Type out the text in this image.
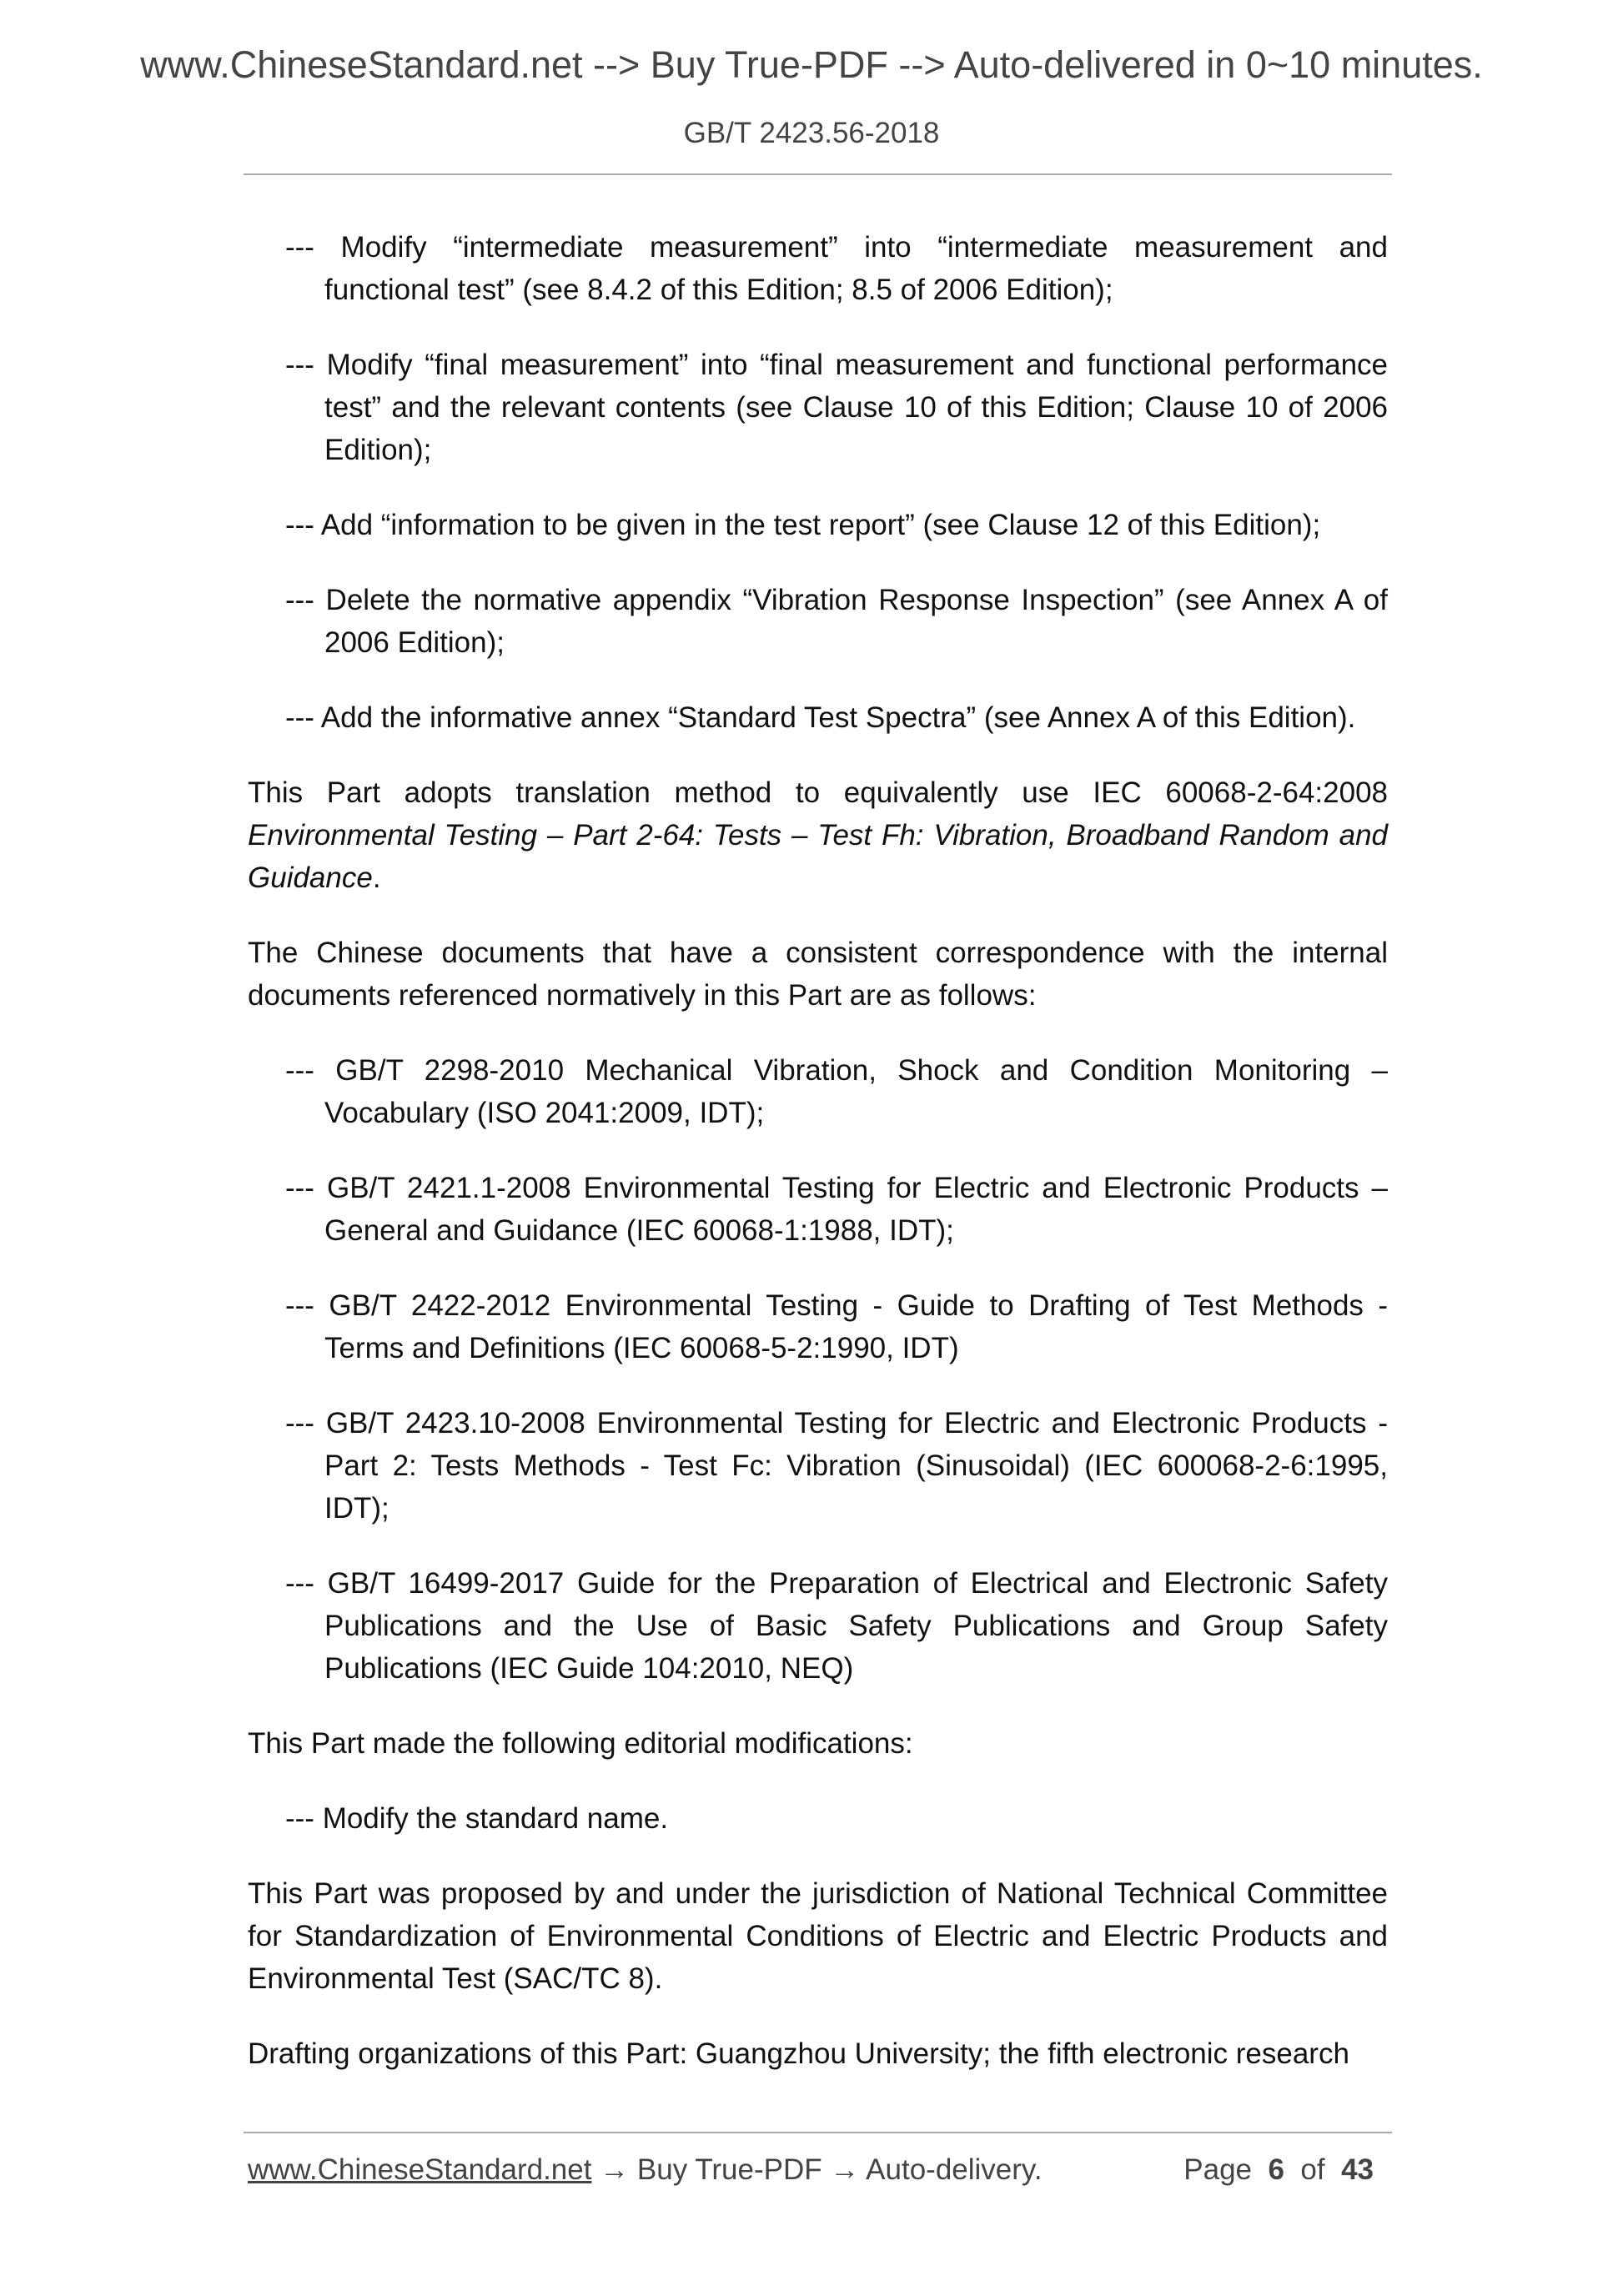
www.ChineseStandard.net --> Buy True-PDF --> Auto-delivered in 0~10 minutes.
GB/T 2423.56-2018
--- Modify “intermediate measurement” into “intermediate measurement and functional test” (see 8.4.2 of this Edition; 8.5 of 2006 Edition);
--- Modify “final measurement” into “final measurement and functional performance test” and the relevant contents (see Clause 10 of this Edition; Clause 10 of 2006 Edition);
--- Add “information to be given in the test report” (see Clause 12 of this Edition);
--- Delete the normative appendix “Vibration Response Inspection” (see Annex A of 2006 Edition);
--- Add the informative annex “Standard Test Spectra” (see Annex A of this Edition).
This Part adopts translation method to equivalently use IEC 60068-2-64:2008 Environmental Testing – Part 2-64: Tests – Test Fh: Vibration, Broadband Random and Guidance.
The Chinese documents that have a consistent correspondence with the internal documents referenced normatively in this Part are as follows:
--- GB/T 2298-2010 Mechanical Vibration, Shock and Condition Monitoring – Vocabulary (ISO 2041:2009, IDT);
--- GB/T 2421.1-2008 Environmental Testing for Electric and Electronic Products – General and Guidance (IEC 60068-1:1988, IDT);
--- GB/T 2422-2012 Environmental Testing - Guide to Drafting of Test Methods - Terms and Definitions (IEC 60068-5-2:1990, IDT)
--- GB/T 2423.10-2008 Environmental Testing for Electric and Electronic Products - Part 2: Tests Methods - Test Fc: Vibration (Sinusoidal) (IEC 600068-2-6:1995, IDT);
--- GB/T 16499-2017 Guide for the Preparation of Electrical and Electronic Safety Publications and the Use of Basic Safety Publications and Group Safety Publications (IEC Guide 104:2010, NEQ)
This Part made the following editorial modifications:
--- Modify the standard name.
This Part was proposed by and under the jurisdiction of National Technical Committee for Standardization of Environmental Conditions of Electric and Electric Products and Environmental Test (SAC/TC 8).
Drafting organizations of this Part: Guangzhou University; the fifth electronic research
www.ChineseStandard.net → Buy True-PDF → Auto-delivery.	Page 6 of 43
